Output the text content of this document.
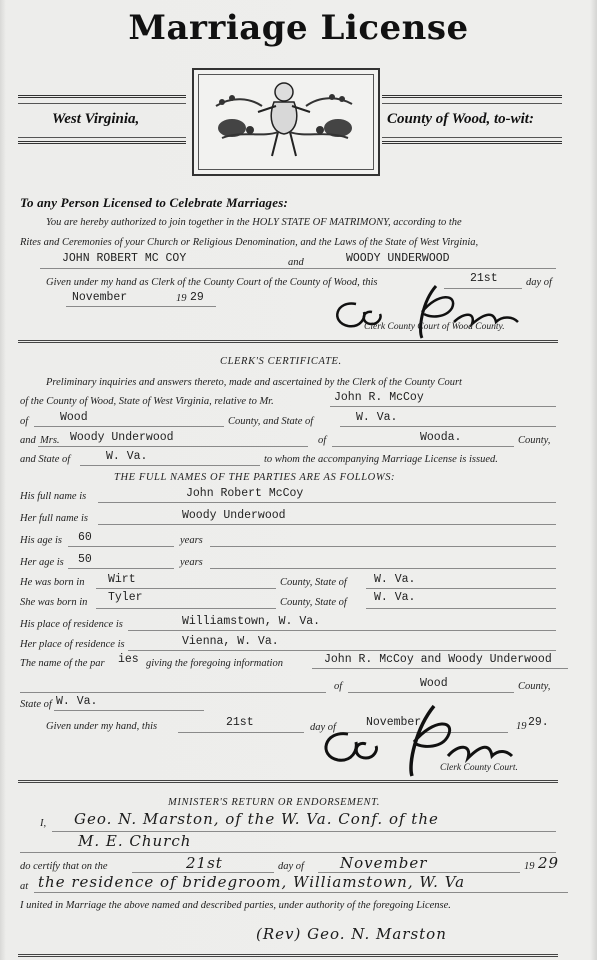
Marriage License
West Virginia,	County of Wood, to-wit:
To any Person Licensed to Celebrate Marriages:
You are hereby authorized to join together in the HOLY STATE OF MATRIMONY, according to the
Rites and Ceremonies of your Church or Religious Denomination, and the Laws of the State of West Virginia,
JOHN ROBERT MC COY	and	WOODY UNDERWOOD
Given under my hand as Clerk of the County Court of the County of Wood, this	21st	day of
November	19 29
Clerk County Court of Wood County.
CLERK'S CERTIFICATE.
Preliminary inquiries and answers thereto, made and ascertained by the Clerk of the County Court
of the County of Wood, State of West Virginia, relative to Mr.	John R. McCoy
of	Wood	County, and State of	W. Va.
and Mrs. Woody Underwood	of	Wooda.	County,
and State of	W. Va.	to whom the accompanying Marriage License is issued.
THE FULL NAMES OF THE PARTIES ARE AS FOLLOWS:
His full name is	John Robert McCoy
Her full name is	Woody Underwood
His age is 60	years
Her age is 50	years
He was born in Wirt	County, State of W. Va.
She was born in Tyler	County, State of W. Va.
His place of residence is	Williamstown, W. Va.
Her place of residence is	Vienna, W. Va.
The name of the par ies giving the foregoing information	John R. McCoy and Woody Underwood
of	Wood	County,
State of W. Va.
Given under my hand, this	21st	day of	November	19 29.
Clerk County Court.
MINISTER'S RETURN OR ENDORSEMENT.
I, Geo. N. Marston, of the W. Va. Conf. of the
M. E. Church
do certify that on the	21st	day of November	19 29
at the residence of bridegroom, Williamstown, W. Va
I united in Marriage the above named and described parties, under authority of the foregoing License.
(Rev) Geo. N. Marston
